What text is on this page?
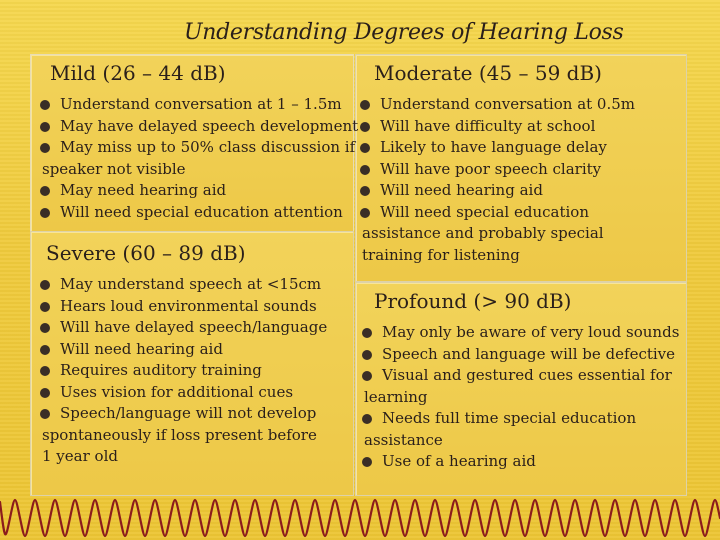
Understanding Degrees of Hearing Loss
Mild (26 – 44 dB)	Moderate (45 – 59 dB)
Severe (60 – 89 dB)
Profound (> 90 dB)
Understand conversation at 1 – 1.5m
May have delayed speech development
May miss up to 50% class discussion if
speaker not visible
May need hearing aid
Will need special education attention
Understand conversation at 0.5m
Will have difficulty at school
Likely to have language delay
Will have poor speech clarity
Will need hearing aid
Will need special education
assistance and probably special
training for listening
May understand speech at <15cm
Hears loud environmental sounds
Will have delayed speech/language
Will need hearing aid
Requires auditory training
Uses vision for additional cues
Speech/language will not develop
spontaneously if loss present before
1 year old
May only be aware of very loud sounds
Speech and language will be defective
Visual and gestured cues essential for
learning
Needs full time special education
assistance
Use of a hearing aid
